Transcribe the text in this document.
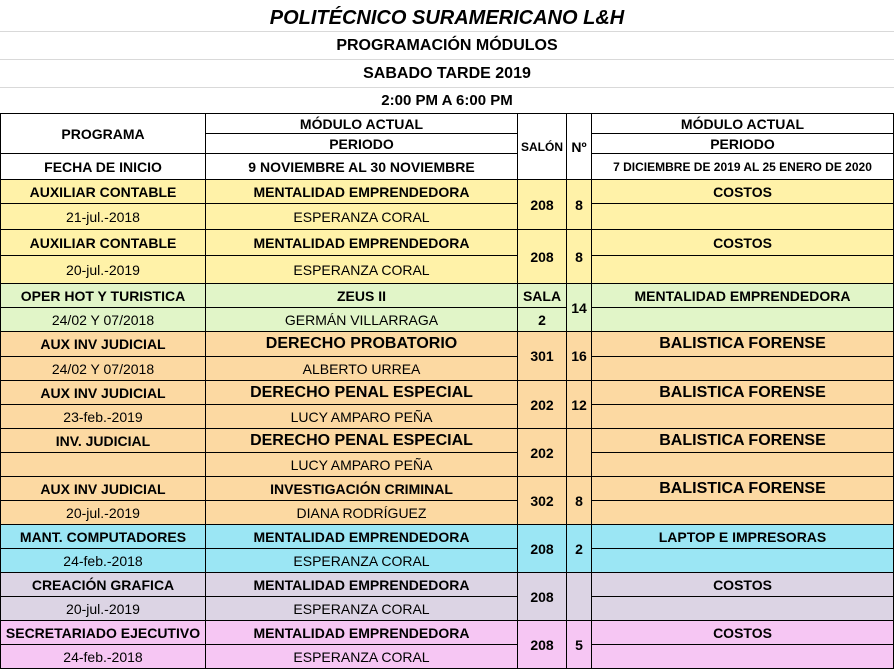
POLITÉCNICO SURAMERICANO L&H
PROGRAMACIÓN MÓDULOS
SABADO TARDE 2019
2:00 PM A 6:00 PM
PROGRAMA	MÓDULO ACTUAL	SALÓN	Nº	MÓDULO ACTUAL
	PERIODO			PERIODO
FECHA DE INICIO	9 NOVIEMBRE AL 30 NOVIEMBRE			7 DICIEMBRE DE 2019 AL 25 ENERO DE 2020
AUXILIAR CONTABLE	MENTALIDAD EMPRENDEDORA	208	8	COSTOS
21-jul.-2018	ESPERANZA CORAL			
AUXILIAR CONTABLE	MENTALIDAD EMPRENDEDORA	208	8	COSTOS
20-jul.-2019	ESPERANZA CORAL			
OPER HOT Y TURISTICA	ZEUS II	SALA	14	MENTALIDAD EMPRENDEDORA
24/02 Y 07/2018	GERMÁN VILLARRAGA	2		
AUX INV JUDICIAL	DERECHO PROBATORIO	301	16	BALISTICA FORENSE
24/02 Y 07/2018	ALBERTO URREA			
AUX INV JUDICIAL	DERECHO PENAL ESPECIAL	202	12	BALISTICA FORENSE
23-feb.-2019	LUCY AMPARO PEÑA			
INV. JUDICIAL	DERECHO PENAL ESPECIAL	202		BALISTICA FORENSE
	LUCY AMPARO PEÑA			
AUX INV JUDICIAL	INVESTIGACIÓN CRIMINAL	302	8	BALISTICA FORENSE
20-jul.-2019	DIANA RODRÍGUEZ			
MANT. COMPUTADORES	MENTALIDAD EMPRENDEDORA	208	2	LAPTOP E IMPRESORAS
24-feb.-2018	ESPERANZA CORAL			
CREACIÓN GRAFICA	MENTALIDAD EMPRENDEDORA	208		COSTOS
20-jul.-2019	ESPERANZA CORAL			
SECRETARIADO EJECUTIVO	MENTALIDAD EMPRENDEDORA	208	5	COSTOS
24-feb.-2018	ESPERANZA CORAL			
